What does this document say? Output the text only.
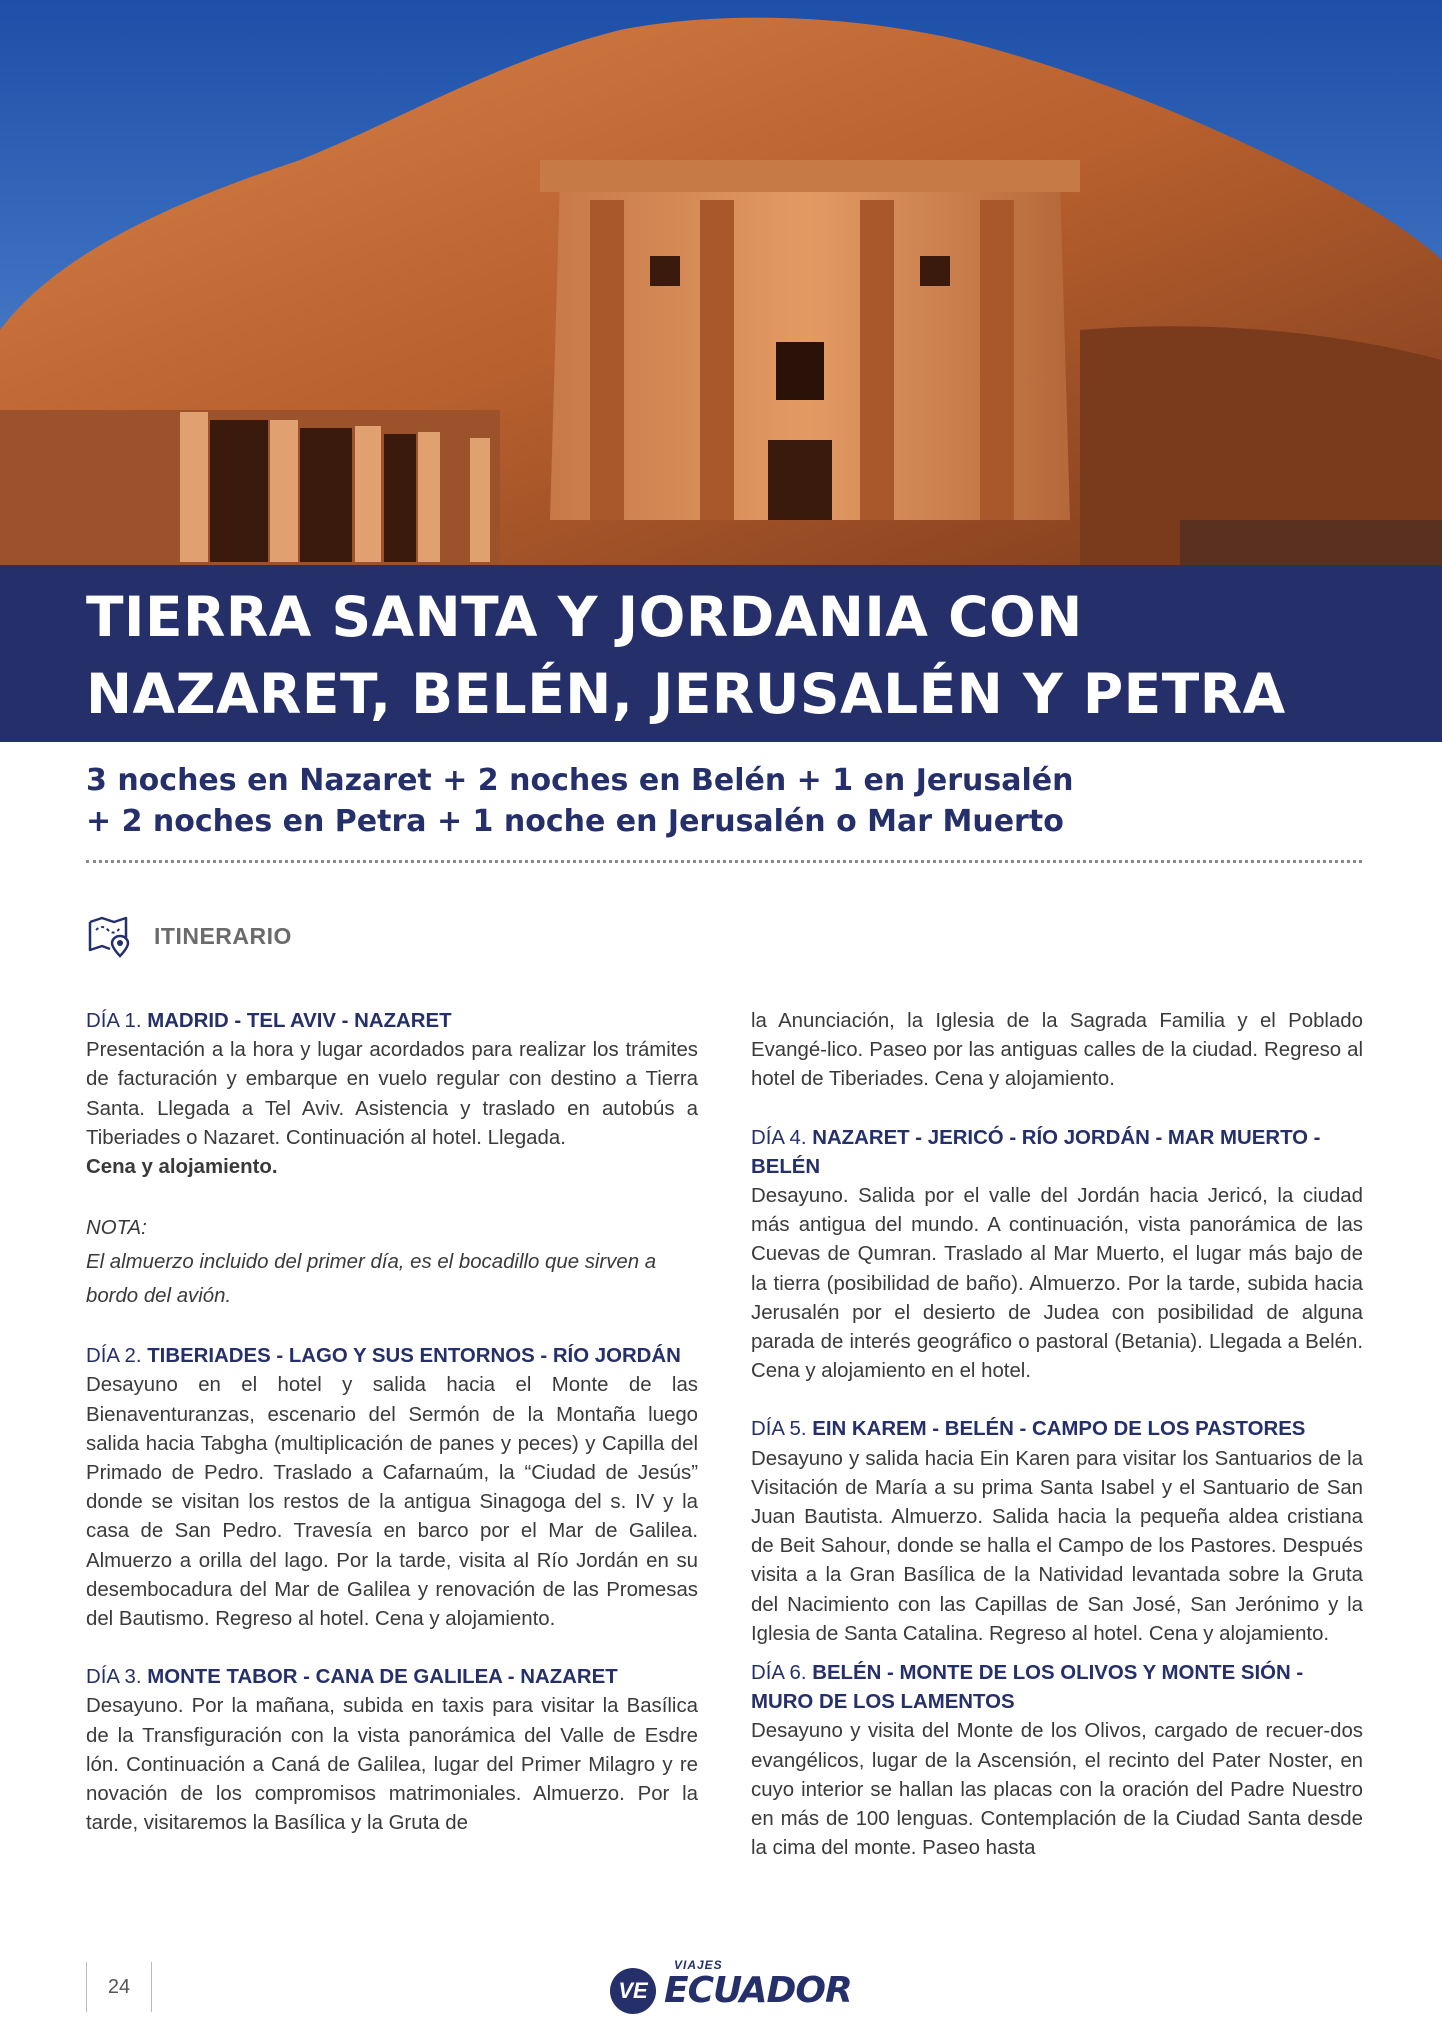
TIERRA SANTA Y JORDANIA CON
NAZARET, BELÉN, JERUSALÉN Y PETRA
3 noches en Nazaret + 2 noches en Belén + 1 en Jerusalén
+ 2 noches en Petra + 1 noche en Jerusalén o Mar Muerto
ITINERARIO
DÍA 1. MADRID - TEL AVIV - NAZARET

Presentación a la hora y lugar acordados para realizar los trámites de facturación y embarque en vuelo regular con destino a Tierra Santa. Llegada a Tel Aviv. Asistencia y traslado en autobús a Tiberiades o Nazaret. Continuación al hotel. Llegada.
Cena y alojamiento.

NOTA:
El almuerzo incluido del primer día, es el bocadillo que sirven a bordo del avión.
DÍA 2. TIBERIADES - LAGO Y SUS ENTORNOS - RÍO JORDÁN

Desayuno en el hotel y salida hacia el Monte de las Bienaventuranzas, escenario del Sermón de la Montaña luego salida hacia Tabgha (multiplicación de panes y peces) y Capilla del Primado de Pedro. Traslado a Cafarnaúm, la “Ciudad de Jesús” donde se visitan los restos de la antigua Sinagoga del s. IV y la casa de San Pedro. Travesía en barco por el Mar de Galilea. Almuerzo a orilla del lago. Por la tarde, visita al Río Jordán en su desembocadura del Mar de Galilea y renovación de las Promesas del Bautismo. Regreso al hotel. Cena y alojamiento.

DÍA 3. MONTE TABOR - CANA DE GALILEA - NAZARET

Desayuno. Por la mañana, subida en taxis para visitar la Basílica de la Transfiguración con la vista panorámica del Valle de Esdre lón. Continuación a Caná de Galilea, lugar del Primer Milagro y re novación de los compromisos matrimoniales. Almuerzo. Por la tarde, visitaremos la Basílica y la Gruta de

la Anunciación, la Iglesia de la Sagrada Familia y el Poblado Evangé-lico. Paseo por las antiguas calles de la ciudad. Regreso al hotel de Tiberiades. Cena y alojamiento.

DÍA 4. NAZARET - JERICÓ - RÍO JORDÁN - MAR MUERTO - BELÉN

Desayuno. Salida por el valle del Jordán hacia Jericó, la ciudad más antigua del mundo. A continuación, vista panorámica de las Cuevas de Qumran. Traslado al Mar Muerto, el lugar más bajo de la tierra (posibilidad de baño). Almuerzo. Por la tarde, subida hacia Jerusalén por el desierto de Judea con posibilidad de alguna parada de interés geográfico o pastoral (Betania). Llegada a Belén. Cena y alojamiento en el hotel.

DÍA 5. EIN KAREM - BELÉN - CAMPO DE LOS PASTORES

Desayuno y salida hacia Ein Karen para visitar los Santuarios de la Visitación de María a su prima Santa Isabel y el Santuario de San Juan Bautista. Almuerzo. Salida hacia la pequeña aldea cristiana de Beit Sahour, donde se halla el Campo de los Pastores. Después visita a la Gran Basílica de la Natividad levantada sobre la Gruta del Nacimiento con las Capillas de San José, San Jerónimo y la Iglesia de Santa Catalina. Regreso al hotel. Cena y alojamiento.

DÍA 6. BELÉN - MONTE DE LOS OLIVOS Y MONTE SIÓN - MURO DE LOS LAMENTOS

Desayuno y visita del Monte de los Olivos, cargado de recuer-dos evangélicos, lugar de la Ascensión, el recinto del Pater Noster, en cuyo interior se hallan las placas con la oración del Padre Nuestro en más de 100 lenguas. Contemplación de la Ciudad Santa desde la cima del monte. Paseo hasta

24	VE
VIAJES
ECUADOR
